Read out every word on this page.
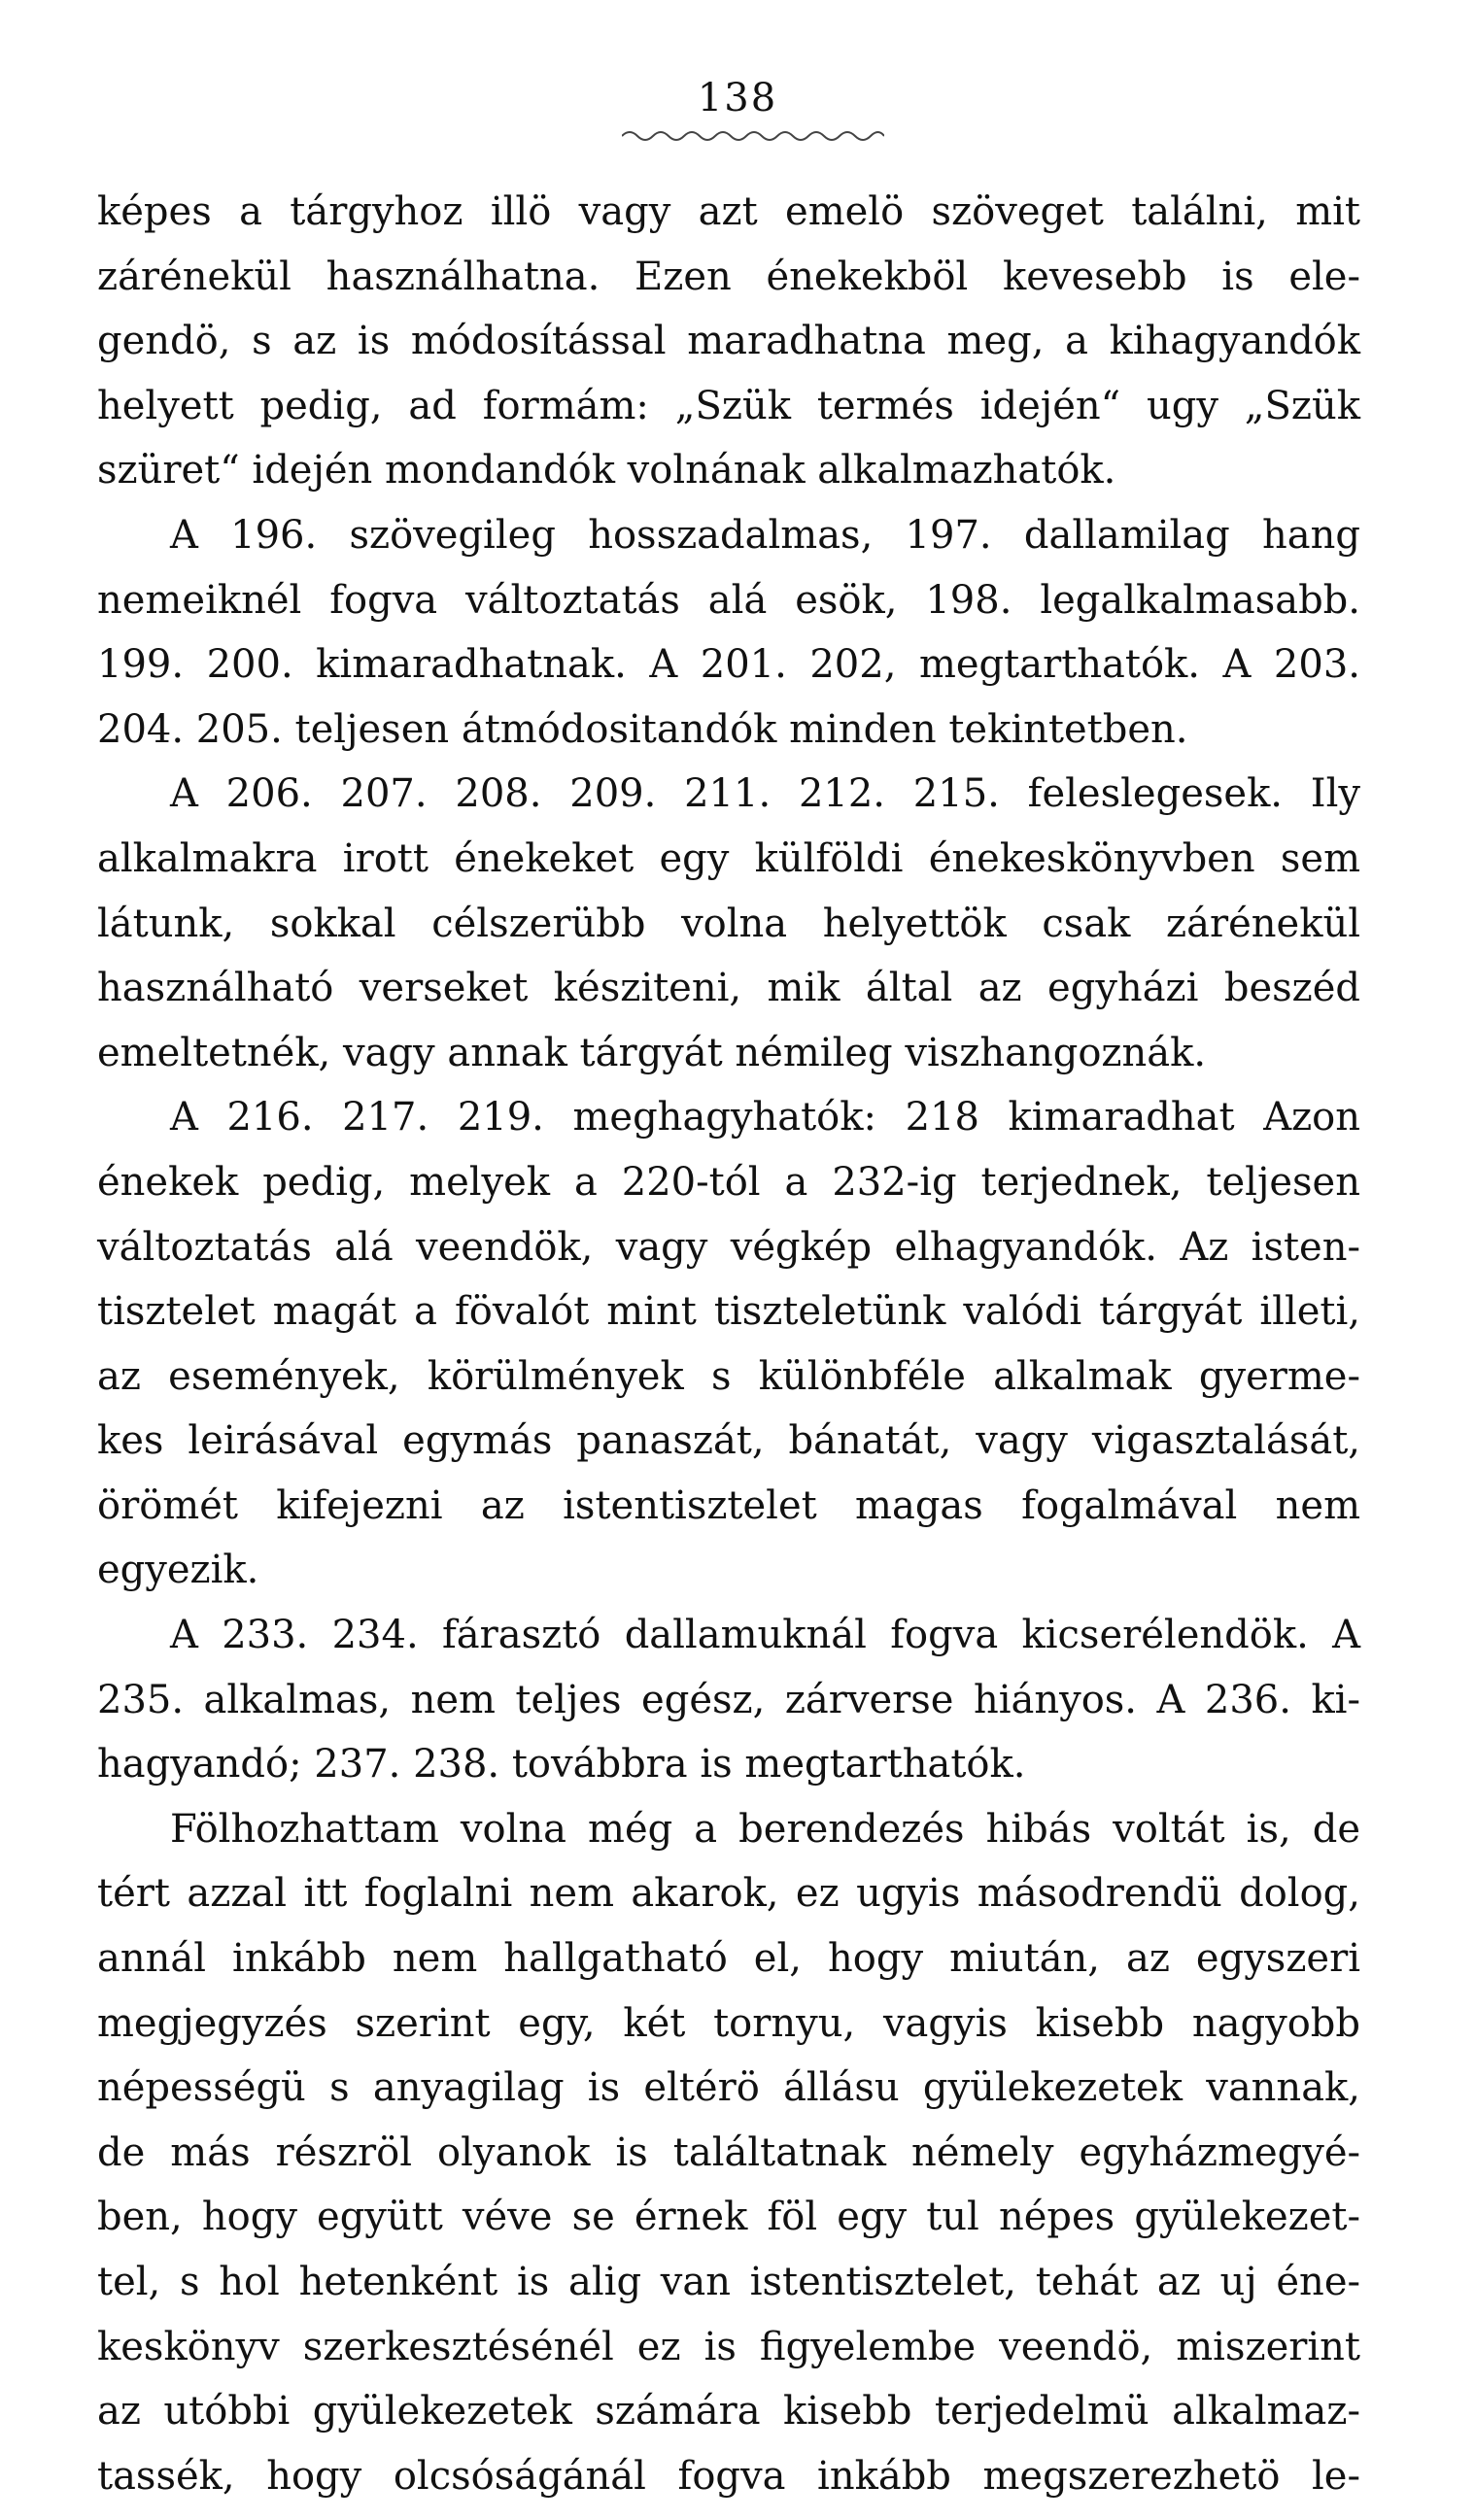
138
képes a tárgyhoz illö vagy azt emelö szöveget találni, mit
zárénekül használhatna. Ezen énekekböl kevesebb is ele-
gendö, s az is módosítással maradhatna meg, a kihagyandók
helyett pedig, ad formám: „Szük termés idején“ ugy „Szük
szüret“ idején mondandók volnának alkalmazhatók.
A 196. szövegileg hosszadalmas, 197. dallamilag hang
nemeiknél fogva változtatás alá esök, 198. legalkalmasabb.
199. 200. kimaradhatnak. A 201. 202, megtarthatók. A 203.
204. 205. teljesen átmódositandók minden tekintetben.
A 206. 207. 208. 209. 211. 212. 215. feleslegesek. Ily
alkalmakra irott énekeket egy külföldi énekeskönyvben sem
látunk, sokkal célszerübb volna helyettök csak zárénekül
használható verseket késziteni, mik által az egyházi beszéd
emeltetnék, vagy annak tárgyát némileg viszhangoznák.
A 216. 217. 219. meghagyhatók: 218 kimaradhat Azon
énekek pedig, melyek a 220-tól a 232-ig terjednek, teljesen
változtatás alá veendök, vagy végkép elhagyandók. Az isten-
tisztelet magát a fövalót mint tiszteletünk valódi tárgyát illeti,
az események, körülmények s különbféle alkalmak gyerme-
kes leirásával egymás panaszát, bánatát, vagy vigasztalását,
örömét kifejezni az istentisztelet magas fogalmával nem
egyezik.
A 233. 234. fárasztó dallamuknál fogva kicserélendök. A
235. alkalmas, nem teljes egész, zárverse hiányos. A 236. ki-
hagyandó; 237. 238. továbbra is megtarthatók.
Fölhozhattam volna még a berendezés hibás voltát is, de
tért azzal itt foglalni nem akarok, ez ugyis másodrendü dolog,
annál inkább nem hallgatható el, hogy miután, az egyszeri
megjegyzés szerint egy, két tornyu, vagyis kisebb nagyobb
népességü s anyagilag is eltérö állásu gyülekezetek vannak,
de más részröl olyanok is találtatnak némely egyházmegyé-
ben, hogy együtt véve se érnek föl egy tul népes gyülekezet-
tel, s hol hetenként is alig van istentisztelet, tehát az uj éne-
keskönyv szerkesztésénél ez is figyelembe veendö, miszerint
az utóbbi gyülekezetek számára kisebb terjedelmü alkalmaz-
tassék, hogy olcsóságánál fogva inkább megszerezhetö le-
